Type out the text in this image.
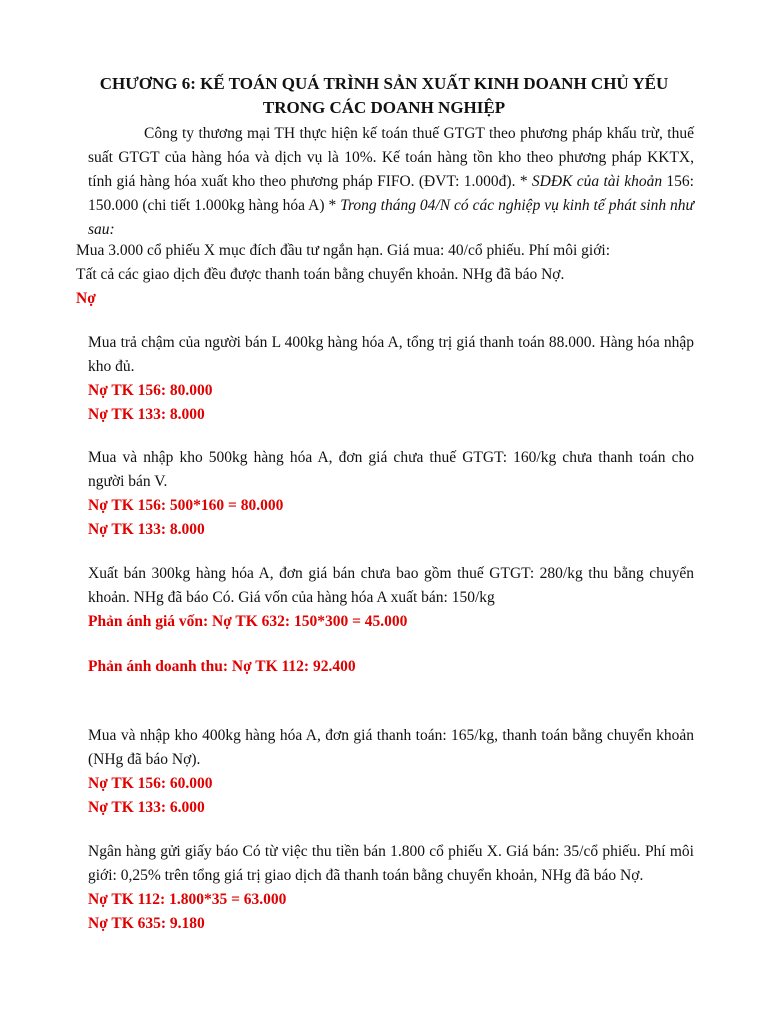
CHƯƠNG 6: KẾ TOÁN QUÁ TRÌNH SẢN XUẤT KINH DOANH CHỦ YẾU
TRONG CÁC DOANH NGHIỆP

Công ty thương mại TH thực hiện kế toán thuế GTGT theo phương pháp khấu trừ, thuế suất GTGT của hàng hóa và dịch vụ là 10%. Kế toán hàng tồn kho theo phương pháp KKTX, tính giá hàng hóa xuất kho theo phương pháp FIFO. (ĐVT: 1.000đ). * SDĐK của tài khoản 156: 150.000 (chi tiết 1.000kg hàng hóa A) * Trong tháng 04/N có các nghiệp vụ kinh tế phát sinh như sau:

Mua 3.000 cổ phiếu X mục đích đầu tư ngắn hạn. Giá mua: 40/cổ phiếu. Phí môi giới:
Tất cả các giao dịch đều được thanh toán bằng chuyển khoản. NHg đã báo Nợ.
Nợ

Mua trả chậm của người bán L 400kg hàng hóa A, tổng trị giá thanh toán 88.000. Hàng hóa nhập kho đủ.

Nợ TK 156: 80.000
Nợ TK 133: 8.000

Mua và nhập kho 500kg hàng hóa A, đơn giá chưa thuế GTGT: 160/kg chưa thanh toán cho người bán V.

Nợ TK 156: 500*160 = 80.000
Nợ TK 133: 8.000

Xuất bán 300kg hàng hóa A, đơn giá bán chưa bao gồm thuế GTGT: 280/kg thu bằng chuyển khoản. NHg đã báo Có. Giá vốn của hàng hóa A xuất bán: 150/kg

Phản ánh giá vốn: Nợ TK 632: 150*300 = 45.000
Phản ánh doanh thu: Nợ TK 112: 92.400

Mua và nhập kho 400kg hàng hóa A, đơn giá thanh toán: 165/kg, thanh toán bằng chuyển khoản (NHg đã báo Nợ).

Nợ TK 156: 60.000
Nợ TK 133: 6.000

Ngân hàng gửi giấy báo Có từ việc thu tiền bán 1.800 cổ phiếu X. Giá bán: 35/cổ phiếu. Phí môi giới: 0,25% trên tổng giá trị giao dịch đã thanh toán bằng chuyển khoản, NHg đã báo Nợ.

Nợ TK 112: 1.800*35 = 63.000
Nợ TK 635: 9.180
